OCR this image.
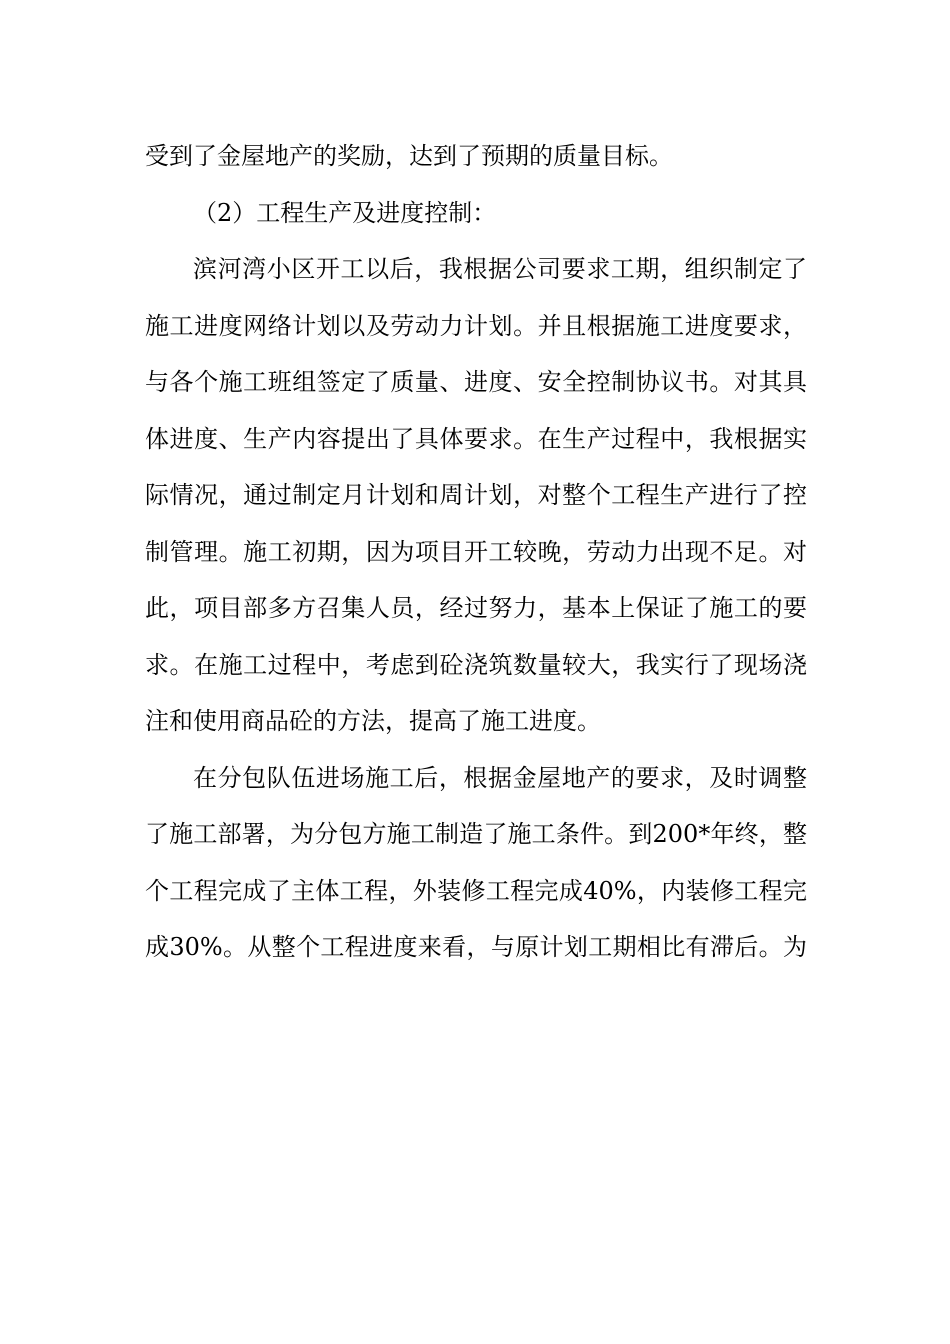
受到了金屋地产的奖励，达到了预期的质量目标。
（2）工程生产及进度控制：
滨河湾小区开工以后，我根据公司要求工期，组织制定了
施工进度网络计划以及劳动力计划。并且根据施工进度要求，
与各个施工班组签定了质量、进度、安全控制协议书。对其具
体进度、生产内容提出了具体要求。在生产过程中，我根据实
际情况，通过制定月计划和周计划，对整个工程生产进行了控
制管理。施工初期，因为项目开工较晚，劳动力出现不足。对
此，项目部多方召集人员，经过努力，基本上保证了施工的要
求。在施工过程中，考虑到砼浇筑数量较大，我实行了现场浇
注和使用商品砼的方法，提高了施工进度。
在分包队伍进场施工后，根据金屋地产的要求，及时调整
了施工部署，为分包方施工制造了施工条件。到200*年终，整
个工程完成了主体工程，外装修工程完成40%，内装修工程完
成30%。从整个工程进度来看，与原计划工期相比有滞后。为
